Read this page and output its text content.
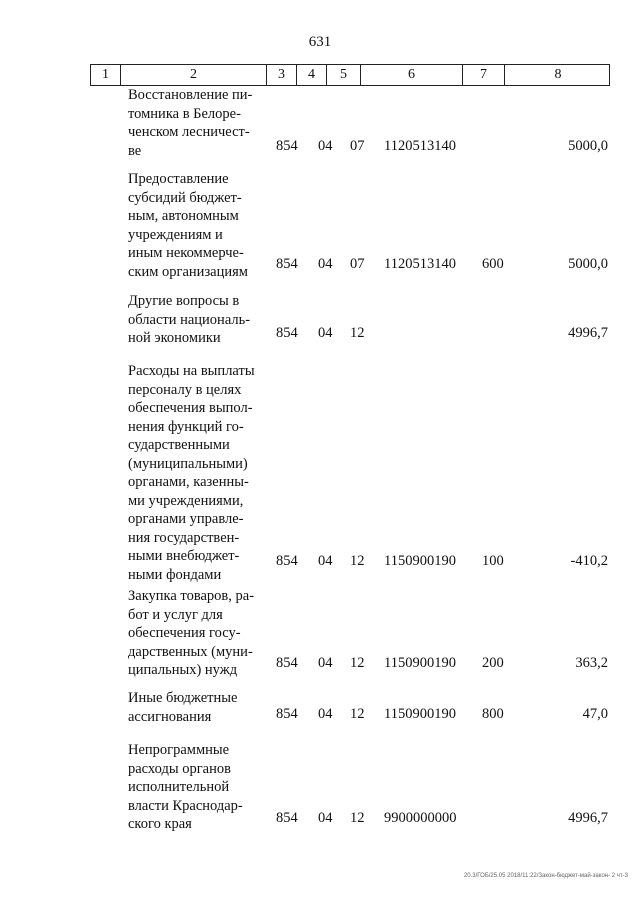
631
1	2	3	4	5	6	7	8
Восстановление пи-
томника в Белоре-
ченском лесничест-
ве	854 04 07 1120513140	5000,0
Предоставление
субсидий бюджет-
ным, автономным
учреждениям и
иным некоммерче-
ским организациям	854 04 07 1120513140 600	5000,0
Другие вопросы в
области националь-
ной экономики	854 04 12	4996,7
Расходы на выплаты
персоналу в целях
обеспечения выпол-
нения функций го-
сударственными
(муниципальными)
органами, казенны-
ми учреждениями,
органами управле-
ния государствен-
ными внебюджет-
ными фондами
854 04 12 1150900190 100	-410,2
Закупка товаров, ра-
бот и услуг для
обеспечения госу-
дарственных (муни-
ципальных) нужд	854 04 12 1150900190 200	363,2
Иные бюджетные
ассигнования	854 04 12 1150900190 800	47,0
Непрограммные
расходы органов
исполнительной
власти Краснодар-
ского края	854 04 12 9900000000	4996,7
20.3/ГОБ/25.05 2018/11:22/Закон-бюджет-май-закон- 2 чт-3
